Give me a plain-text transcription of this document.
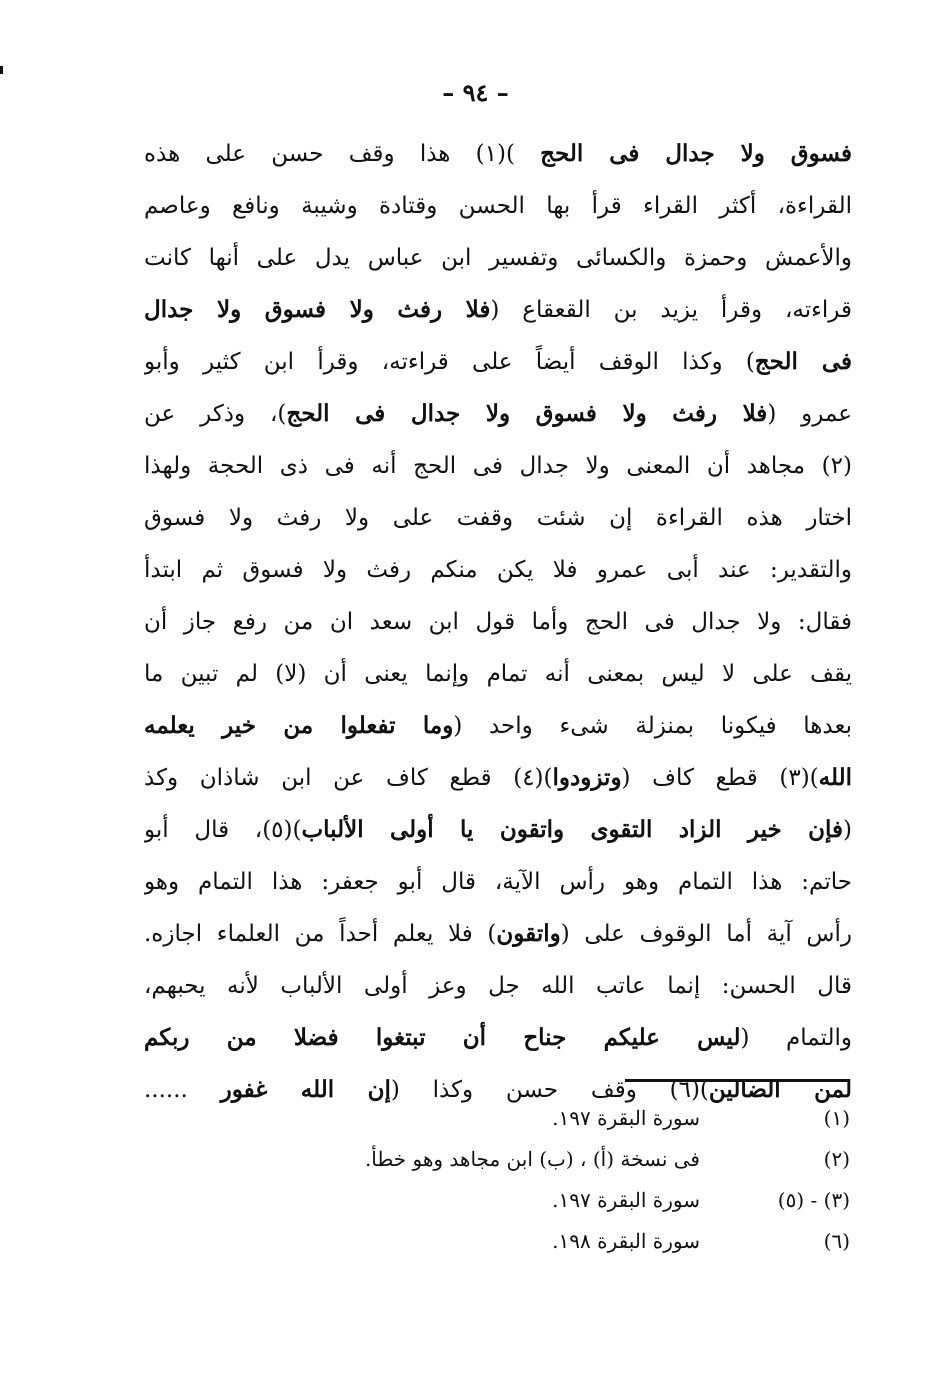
– ٩٤ –
فسوق ولا جدال فى الحج )(١) هذا وقف حسن على هذه
القراءة، أكثر القراء قرأ بها الحسن وقتادة وشيبة ونافع وعاصم
والأعمش وحمزة والكسائى وتفسير ابن عباس يدل على أنها كانت
قراءته، وقرأ يزيد بن القعقاع (فلا رفث ولا فسوق ولا جدال
فى الحج) وكذا الوقف أيضاً على قراءته، وقرأ ابن كثير وأبو
عمرو (فلا رفث ولا فسوق ولا جدال فى الحج)، وذكر عن
(٢) مجاهد أن المعنى ولا جدال فى الحج أنه فى ذى الحجة ولهذا
اختار هذه القراءة إن شئت وقفت على ولا رفث ولا فسوق
والتقدير: عند أبى عمرو فلا يكن منكم رفث ولا فسوق ثم ابتدأ
فقال: ولا جدال فى الحج وأما قول ابن سعد ان من رفع جاز أن
يقف على لا ليس بمعنى أنه تمام وإنما يعنى أن (لا) لم تبين ما
بعدها فيكونا بمنزلة شىء واحد (وما تفعلوا من خير يعلمه
الله)(٣) قطع كاف (وتزودوا)(٤) قطع كاف عن ابن شاذان وكذ
(فإن خير الزاد التقوى واتقون يا أولى الألباب)(٥)، قال أبو
حاتم: هذا التمام وهو رأس الآية، قال أبو جعفر: هذا التمام وهو
رأس آية أما الوقوف على (واتقون) فلا يعلم أحداً من العلماء اجازه.
قال الحسن: إنما عاتب الله جل وعز أولى الألباب لأنه يحبهم،
والتمام (ليس عليكم جناح أن تبتغوا فضلا من ربكم
لمن الضالين)(٦) وقف حسن وكذا (إن الله غفور ......
(١)
سورة البقرة ١٩٧.
(٢)
فى نسخة (أ) ، (ب) ابن مجاهد وهو خطأ.
(٣) - (٥)
سورة البقرة ١٩٧.
(٦)
سورة البقرة ١٩٨.
